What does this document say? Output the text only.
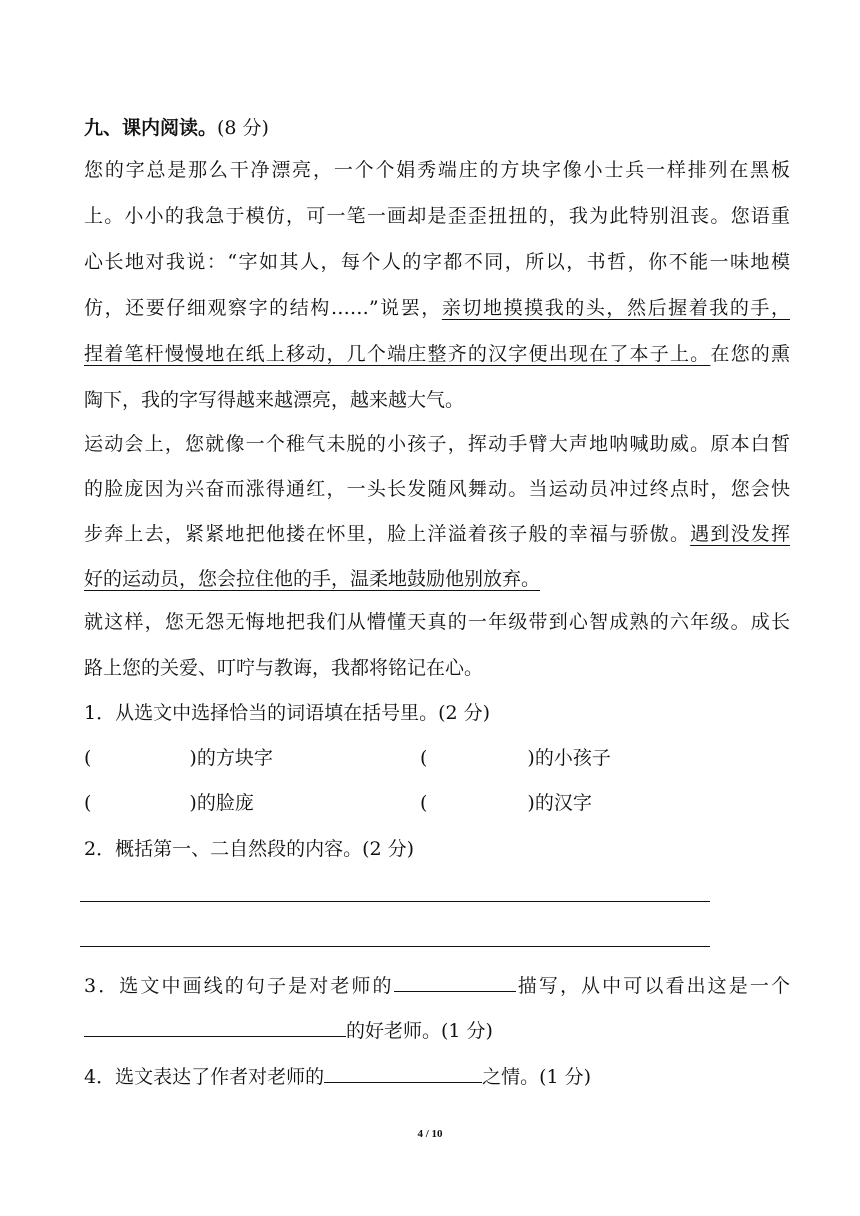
九、课内阅读。(8 分)
您的字总是那么干净漂亮，一个个娟秀端庄的方块字像小士兵一样排列在黑板
上。小小的我急于模仿，可一笔一画却是歪歪扭扭的，我为此特别沮丧。您语重
心长地对我说：“字如其人，每个人的字都不同，所以，书哲，你不能一味地模
仿，还要仔细观察字的结构……”说罢，亲切地摸摸我的头，然后握着我的手，
捏着笔杆慢慢地在纸上移动，几个端庄整齐的汉字便出现在了本子上。在您的熏
陶下，我的字写得越来越漂亮，越来越大气。
运动会上，您就像一个稚气未脱的小孩子，挥动手臂大声地呐喊助威。原本白皙
的脸庞因为兴奋而涨得通红，一头长发随风舞动。当运动员冲过终点时，您会快
步奔上去，紧紧地把他搂在怀里，脸上洋溢着孩子般的幸福与骄傲。遇到没发挥
好的运动员，您会拉住他的手，温柔地鼓励他别放弃。
就这样，您无怨无悔地把我们从懵懂天真的一年级带到心智成熟的六年级。成长
路上您的关爱、叮咛与教诲，我都将铭记在心。
1．从选文中选择恰当的词语填在括号里。(2 分)
(	)的方块字	(	)的小孩子
(	)的脸庞	(	)的汉字
2．概括第一、二自然段的内容。(2 分)
3．选文中画线的句子是对老师的	描写，从中可以看出这是一个
的好老师。(1 分)
4．选文表达了作者对老师的	之情。(1 分)
4 / 10
